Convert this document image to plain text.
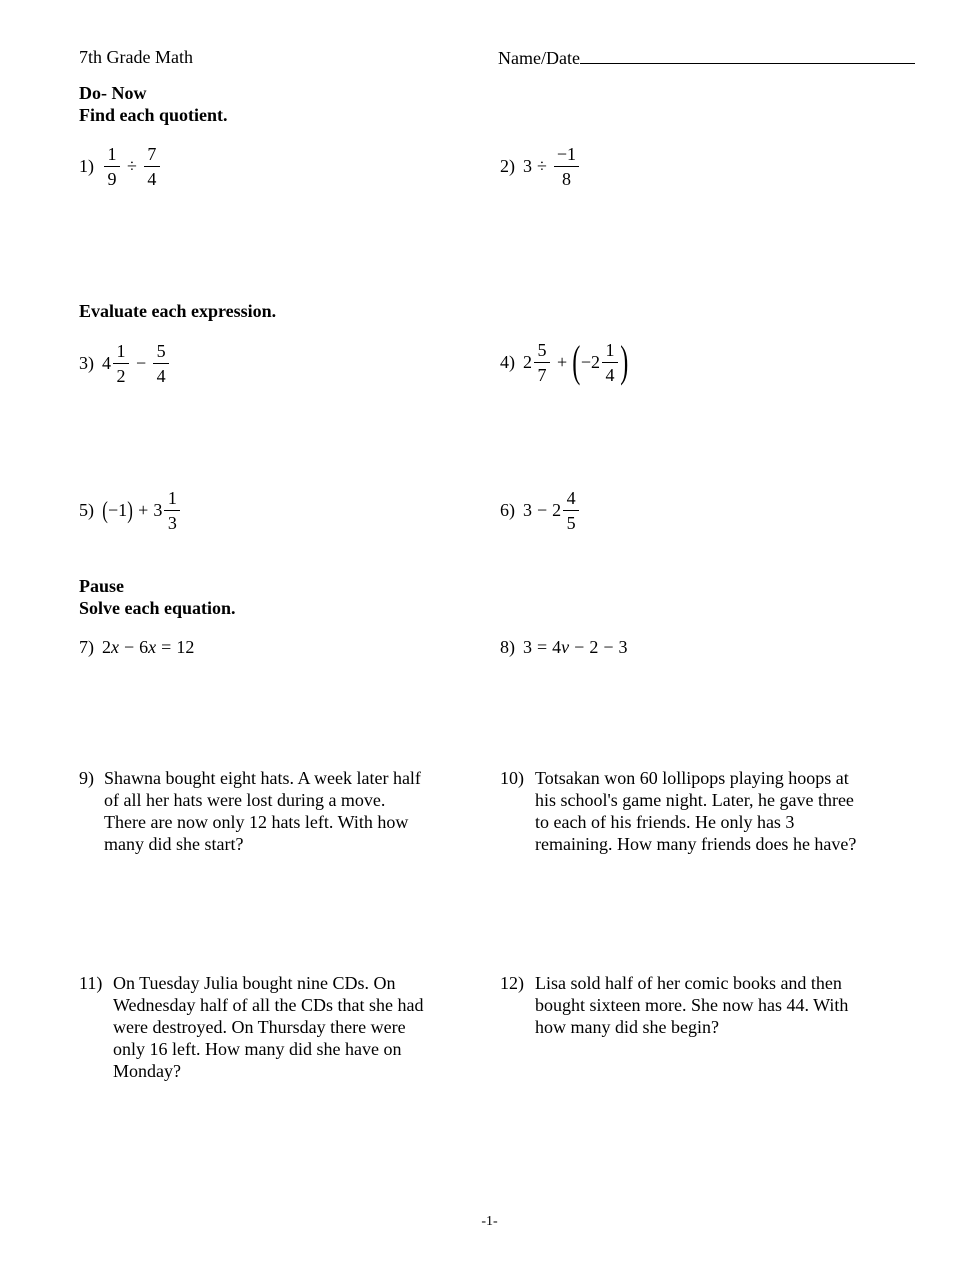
7th Grade Math	Name/Date
Do- Now
Find each quotient.
$1) \frac{1}{9} \div \frac{7}{4}$	2) $3 \div \frac{-1}{8}$
Evaluate each expression.
3) $4 \frac{1}{2} - \frac{5}{4}$	4) $2 \frac{5}{7}$ + ( $-2 \frac{1}{4}$ )
5) ( −1 ) + $3 \frac{1}{3}$	6) $3 - 2 \frac{4}{5}$
Pause
Solve each equation.
7) 2 x − 6 x = 12	8) 3 = 4 v − 2 − 3
9) Shawna bought eight hats. A week later half of all her hats were lost during a move. There are now only 12 hats left. With how many did she start?
10) Totsakan won 60 lollipops playing hoops at his school's game night. Later, he gave three to each of his friends. He only has 3 remaining. How many friends does he have?
11) On Tuesday Julia bought nine CDs. On Wednesday half of all the CDs that she had were destroyed. On Thursday there were only 16 left. How many did she have on Monday?
12) Lisa sold half of her comic books and then bought sixteen more. She now has 44. With how many did she begin?
-1-
